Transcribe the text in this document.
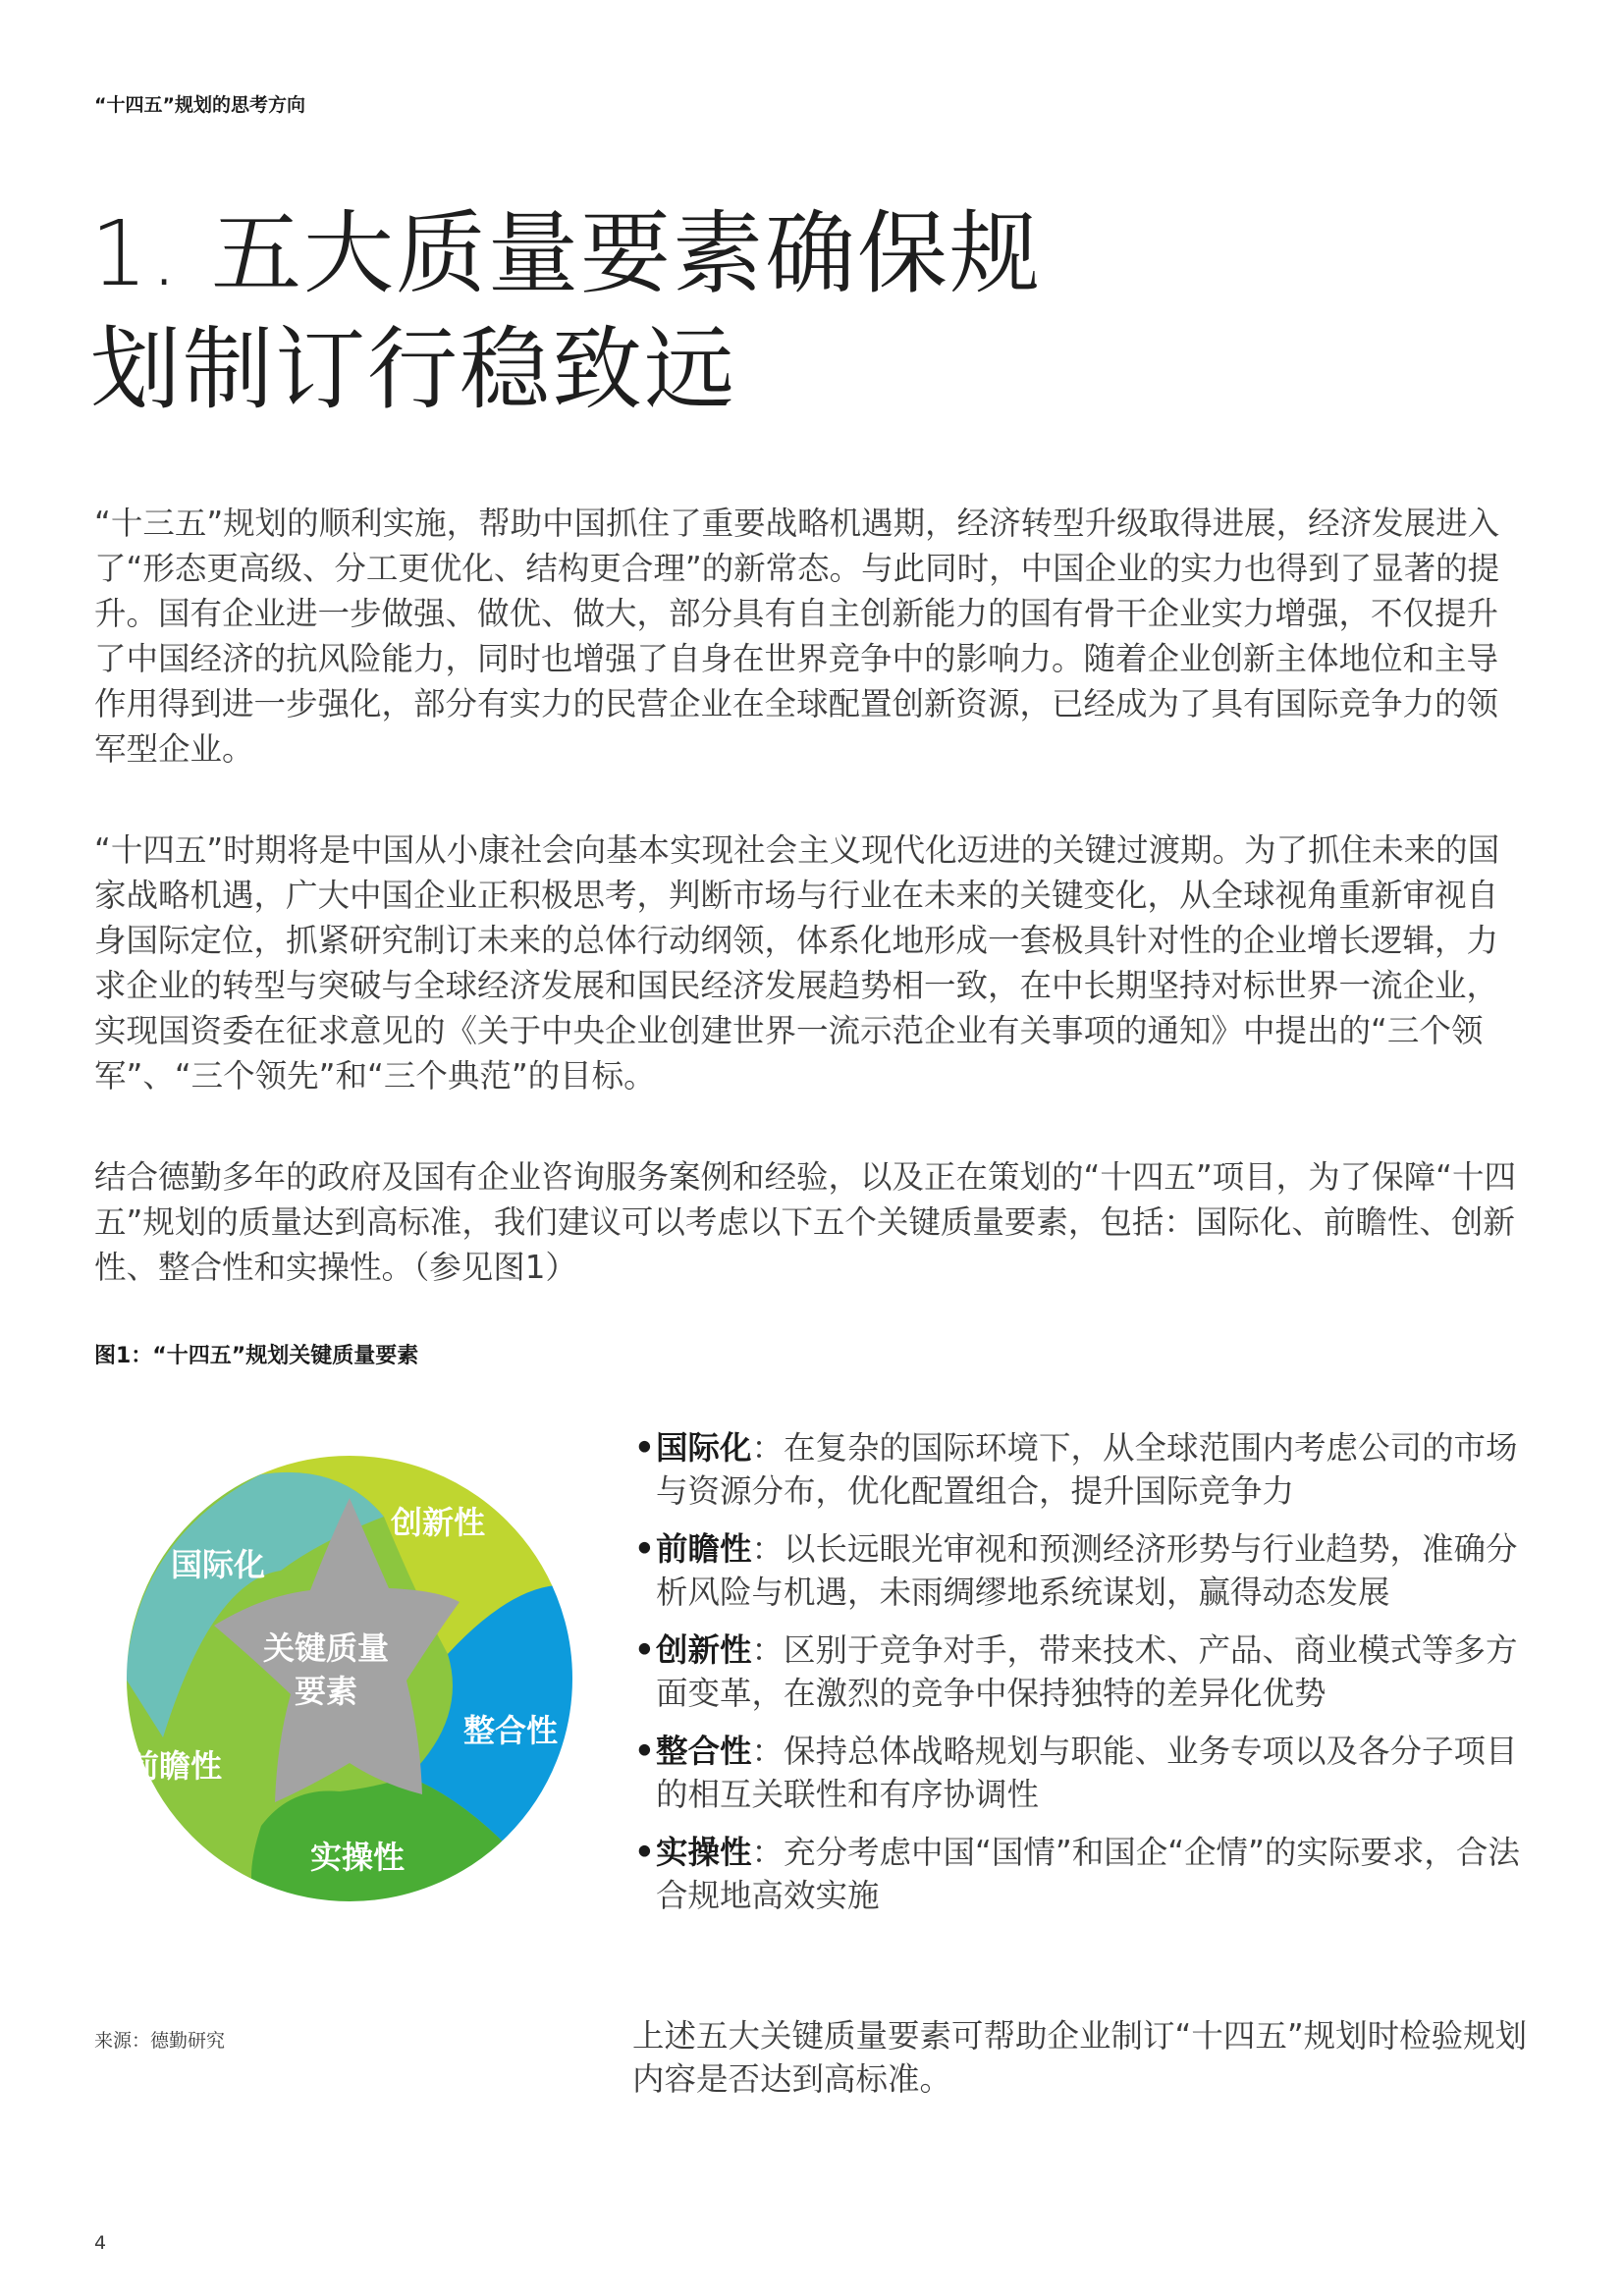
“十四五”规划的思考方向
1. 五大质量要素确保规
划制订行稳致远

“十三五”规划的顺利实施，帮助中国抓住了重要战略机遇期，经济转型升级取得进展，经济发展进入了“形态更高级、分工更优化、结构更合理”的新常态。与此同时，中国企业的实力也得到了显著的提升。国有企业进一步做强、做优、做大，部分具有自主创新能力的国有骨干企业实力增强，不仅提升了中国经济的抗风险能力，同时也增强了自身在世界竞争中的影响力。随着企业创新主体地位和主导作用得到进一步强化，部分有实力的民营企业在全球配置创新资源，已经成为了具有国际竞争力的领军型企业。

“十四五”时期将是中国从小康社会向基本实现社会主义现代化迈进的关键过渡期。为了抓住未来的国家战略机遇，广大中国企业正积极思考，判断市场与行业在未来的关键变化，从全球视角重新审视自身国际定位，抓紧研究制订未来的总体行动纲领，体系化地形成一套极具针对性的企业增长逻辑，力求企业的转型与突破与全球经济发展和国民经济发展趋势相一致，在中长期坚持对标世界一流企业，实现国资委在征求意见的《关于中央企业创建世界一流示范企业有关事项的通知》中提出的“三个领军”、“三个领先”和“三个典范”的目标。

结合德勤多年的政府及国有企业咨询服务案例和经验，以及正在策划的“十四五”项目，为了保障“十四五”规划的质量达到高标准，我们建议可以考虑以下五个关键质量要素，包括：国际化、前瞻性、创新性、整合性和实操性。（参见图1）

图1：“十四五”规划关键质量要素
关键质量
要素
国际化
创新性
整合性
实操性
前瞻性
来源：德勤研究
• 国际化：在复杂的国际环境下，从全球范围内考虑公司的市场与资源分布，优化配置组合，提升国际竞争力
• 前瞻性：以长远眼光审视和预测经济形势与行业趋势，准确分析风险与机遇，未雨绸缪地系统谋划，赢得动态发展
• 创新性：区别于竞争对手，带来技术、产品、商业模式等多方面变革，在激烈的竞争中保持独特的差异化优势
• 整合性：保持总体战略规划与职能、业务专项以及各分子项目的相互关联性和有序协调性
• 实操性：充分考虑中国“国情”和国企“企情”的实际要求，合法合规地高效实施

上述五大关键质量要素可帮助企业制订“十四五”规划时检验规划内容是否达到高标准。

4
